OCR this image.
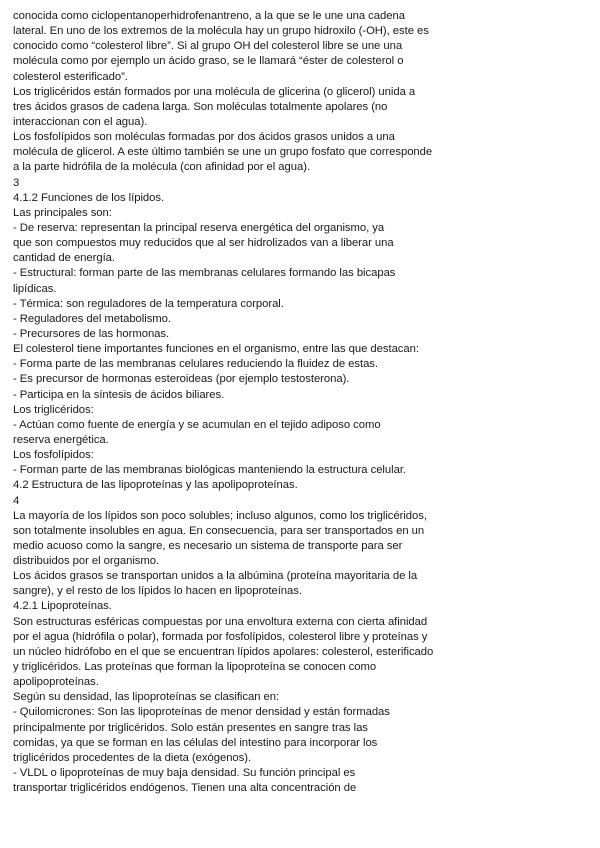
conocida como ciclopentanoperhidrofenantreno, a la que se le une una cadena
lateral. En uno de los extremos de la molécula hay un grupo hidroxilo (-OH), este es
conocido como “colesterol libre”. Si al grupo OH del colesterol libre se une una
molécula como por ejemplo un ácido graso, se le llamará “éster de colesterol o
colesterol esterificado”.
Los triglicéridos están formados por una molécula de glicerina (o glicerol) unida a
tres ácidos grasos de cadena larga. Son moléculas totalmente apolares (no
interaccionan con el agua).
Los fosfolípidos son moléculas formadas por dos ácidos grasos unidos a una
molécula de glicerol. A este último también se une un grupo fosfato que corresponde
a la parte hidrófila de la molécula (con afinidad por el agua).
3
4.1.2 Funciones de los lípidos.
Las principales son:
- De reserva: representan la principal reserva energética del organismo, ya
que son compuestos muy reducidos que al ser hidrolizados van a liberar una
cantidad de energía.
- Estructural: forman parte de las membranas celulares formando las bicapas
lipídicas.
- Térmica: son reguladores de la temperatura corporal.
- Reguladores del metabolismo.
- Precursores de las hormonas.
El colesterol tiene importantes funciones en el organismo, entre las que destacan:
- Forma parte de las membranas celulares reduciendo la fluidez de estas.
- Es precursor de hormonas esteroideas (por ejemplo testosterona).
- Participa en la síntesis de ácidos biliares.
Los triglicéridos:
- Actúan como fuente de energía y se acumulan en el tejido adiposo como
reserva energética.
Los fosfolípidos:
- Forman parte de las membranas biológicas manteniendo la estructura celular.
4.2 Estructura de las lipoproteínas y las apolipoproteínas.
4
La mayoría de los lípidos son poco solubles; incluso algunos, como los triglicéridos,
son totalmente insolubles en agua. En consecuencia, para ser transportados en un
medio acuoso como la sangre, es necesario un sistema de transporte para ser
distribuidos por el organismo.
Los ácidos grasos se transportan unidos a la albúmina (proteína mayoritaria de la
sangre), y el resto de los lípidos lo hacen en lipoproteínas.
4.2.1 Lipoproteínas.
Son estructuras esféricas compuestas por una envoltura externa con cierta afinidad
por el agua (hidrófila o polar), formada por fosfolípidos, colesterol libre y proteínas y
un núcleo hidrófobo en el que se encuentran lípidos apolares: colesterol, esterificado
y triglicéridos. Las proteínas que forman la lipoproteína se conocen como
apolipoproteínas.
Según su densidad, las lipoproteínas se clasifican en:
- Quilomicrones: Son las lipoproteínas de menor densidad y están formadas
principalmente por triglicéridos. Solo están presentes en sangre tras las
comidas, ya que se forman en las células del intestino para incorporar los
triglicéridos procedentes de la dieta (exógenos).
- VLDL o lipoproteínas de muy baja densidad. Su función principal es
transportar triglicéridos endógenos. Tienen una alta concentración de
